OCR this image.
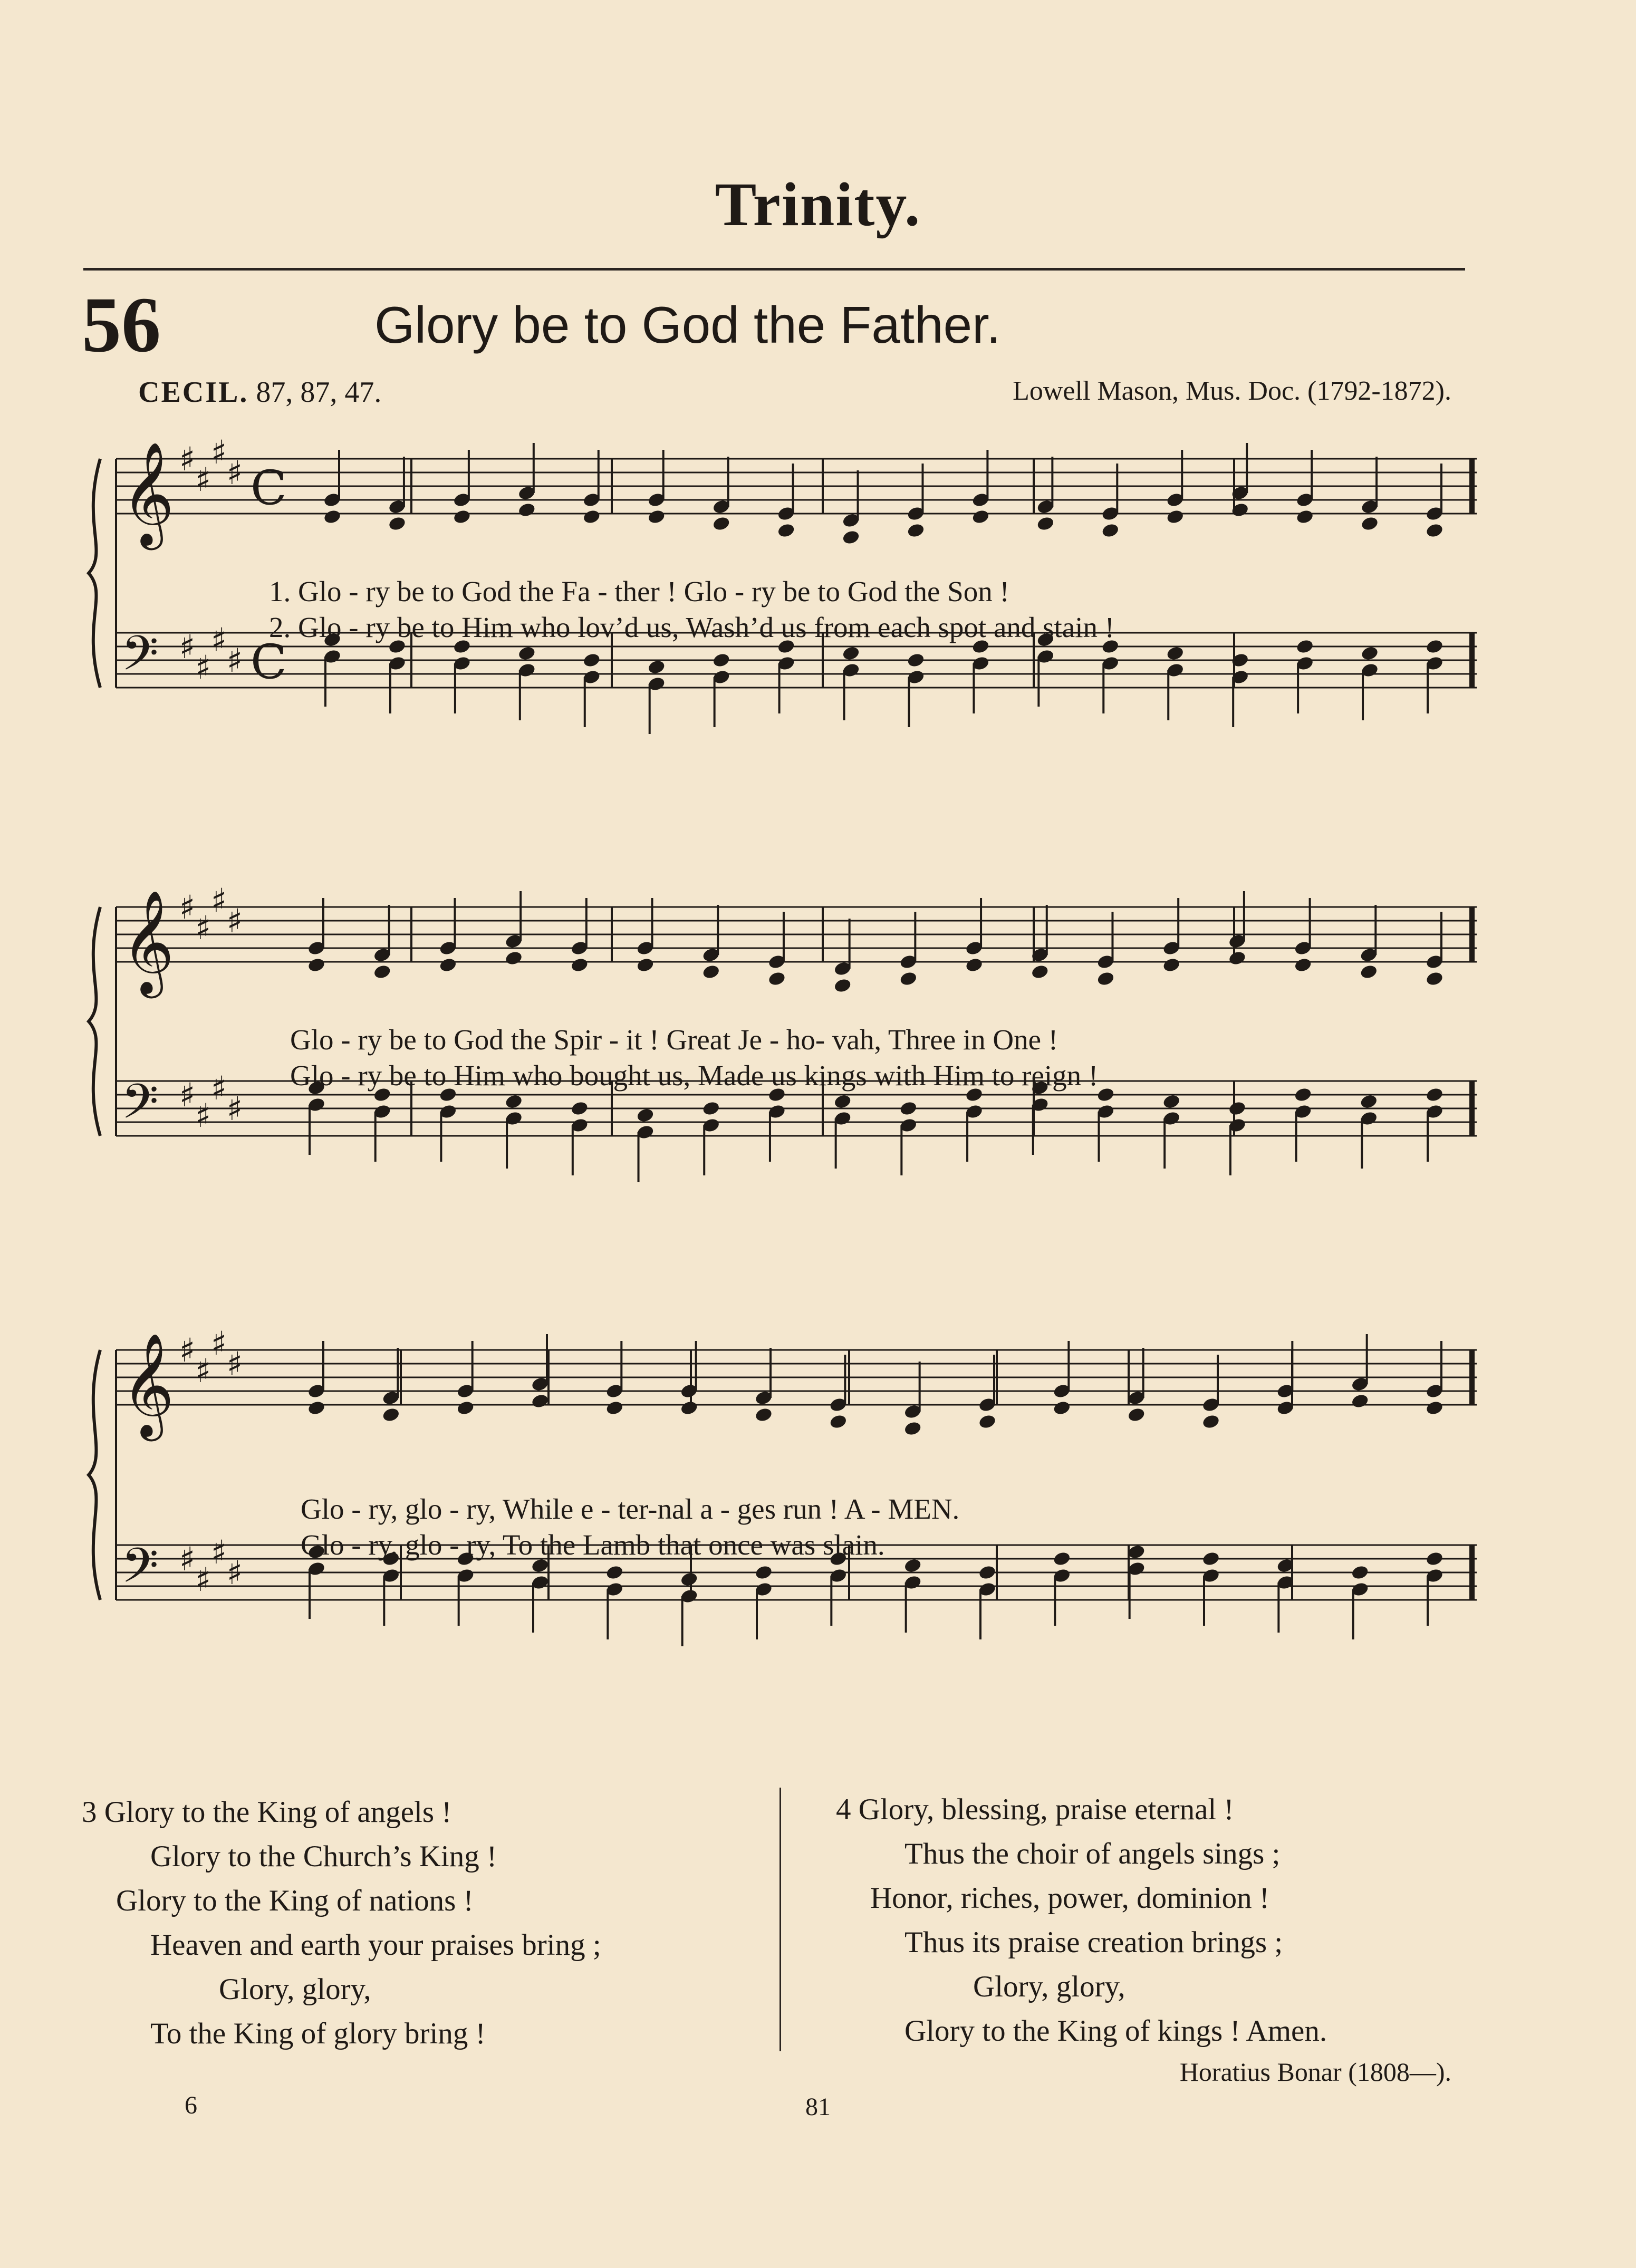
Trinity.
56	Glory be to God the Father.
CECIL. 87, 87, 47.	Lowell Mason, Mus. Doc. (1792-1872).
𝄞
𝄢
♯
♯
♯
♯
♯
♯
♯
♯
C
C
1. Glo - ry be to God the Fa - ther ! Glo - ry be to God the Son !
2. Glo - ry be to Him who lov’d us, Wash’d us from each spot and stain !
𝄞
𝄢
♯
♯
♯
♯
♯
♯
♯
♯
Glo - ry be to God the Spir - it ! Great Je - ho- vah, Three in One !
Glo - ry be to Him who bought us, Made us kings with Him to reign !
𝄞
𝄢
♯
♯
♯
♯
♯
♯
♯
♯
Glo - ry, glo - ry, While e - ter-nal a - ges run ! A - MEN.
Glo - ry, glo - ry, To the Lamb that once was slain.
3 Glory to the King of angels !
Glory to the Church’s King !
Glory to the King of nations !
Heaven and earth your praises bring ;
Glory, glory,
To the King of glory bring !
4 Glory, blessing, praise eternal !
Thus the choir of angels sings ;
Honor, riches, power, dominion !
Thus its praise creation brings ;
Glory, glory,
Glory to the King of kings ! Amen.
Horatius Bonar (1808—).
6	81
